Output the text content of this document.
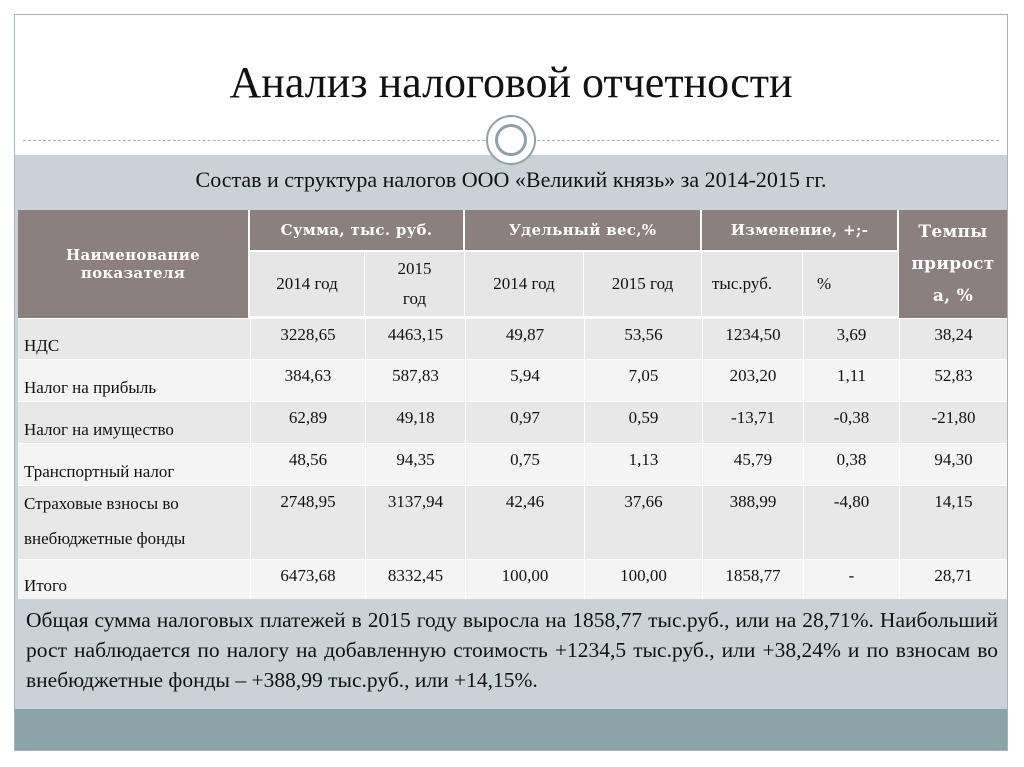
Анализ налоговой отчетности
Состав и структура налогов ООО «Великий князь» за 2014-2015 гг.
Наименование показателя	Сумма, тыс. руб.		Удельный вес,%		Изменение, +;-		Темпы прирост а, %
	2014 год	2015 год	2014 год	2015 год	тыс.руб.	%	
НДС	3228,65	4463,15	49,87	53,56	1234,50	3,69	38,24
Налог на прибыль	384,63	587,83	5,94	7,05	203,20	1,11	52,83
Налог на имущество	62,89	49,18	0,97	0,59	-13,71	-0,38	-21,80
Транспортный налог	48,56	94,35	0,75	1,13	45,79	0,38	94,30
Страховые взносы во внебюджетные фонды	2748,95	3137,94	42,46	37,66	388,99	-4,80	14,15
Итого	6473,68	8332,45	100,00	100,00	1858,77	-	28,71
Общая сумма налоговых платежей в 2015 году выросла на 1858,77 тыс.руб., или на 28,71%. Наибольший рост наблюдается по налогу на добавленную стоимость +1234,5 тыс.руб., или +38,24% и по взносам во внебюджетные фонды – +388,99 тыс.руб., или +14,15%.
